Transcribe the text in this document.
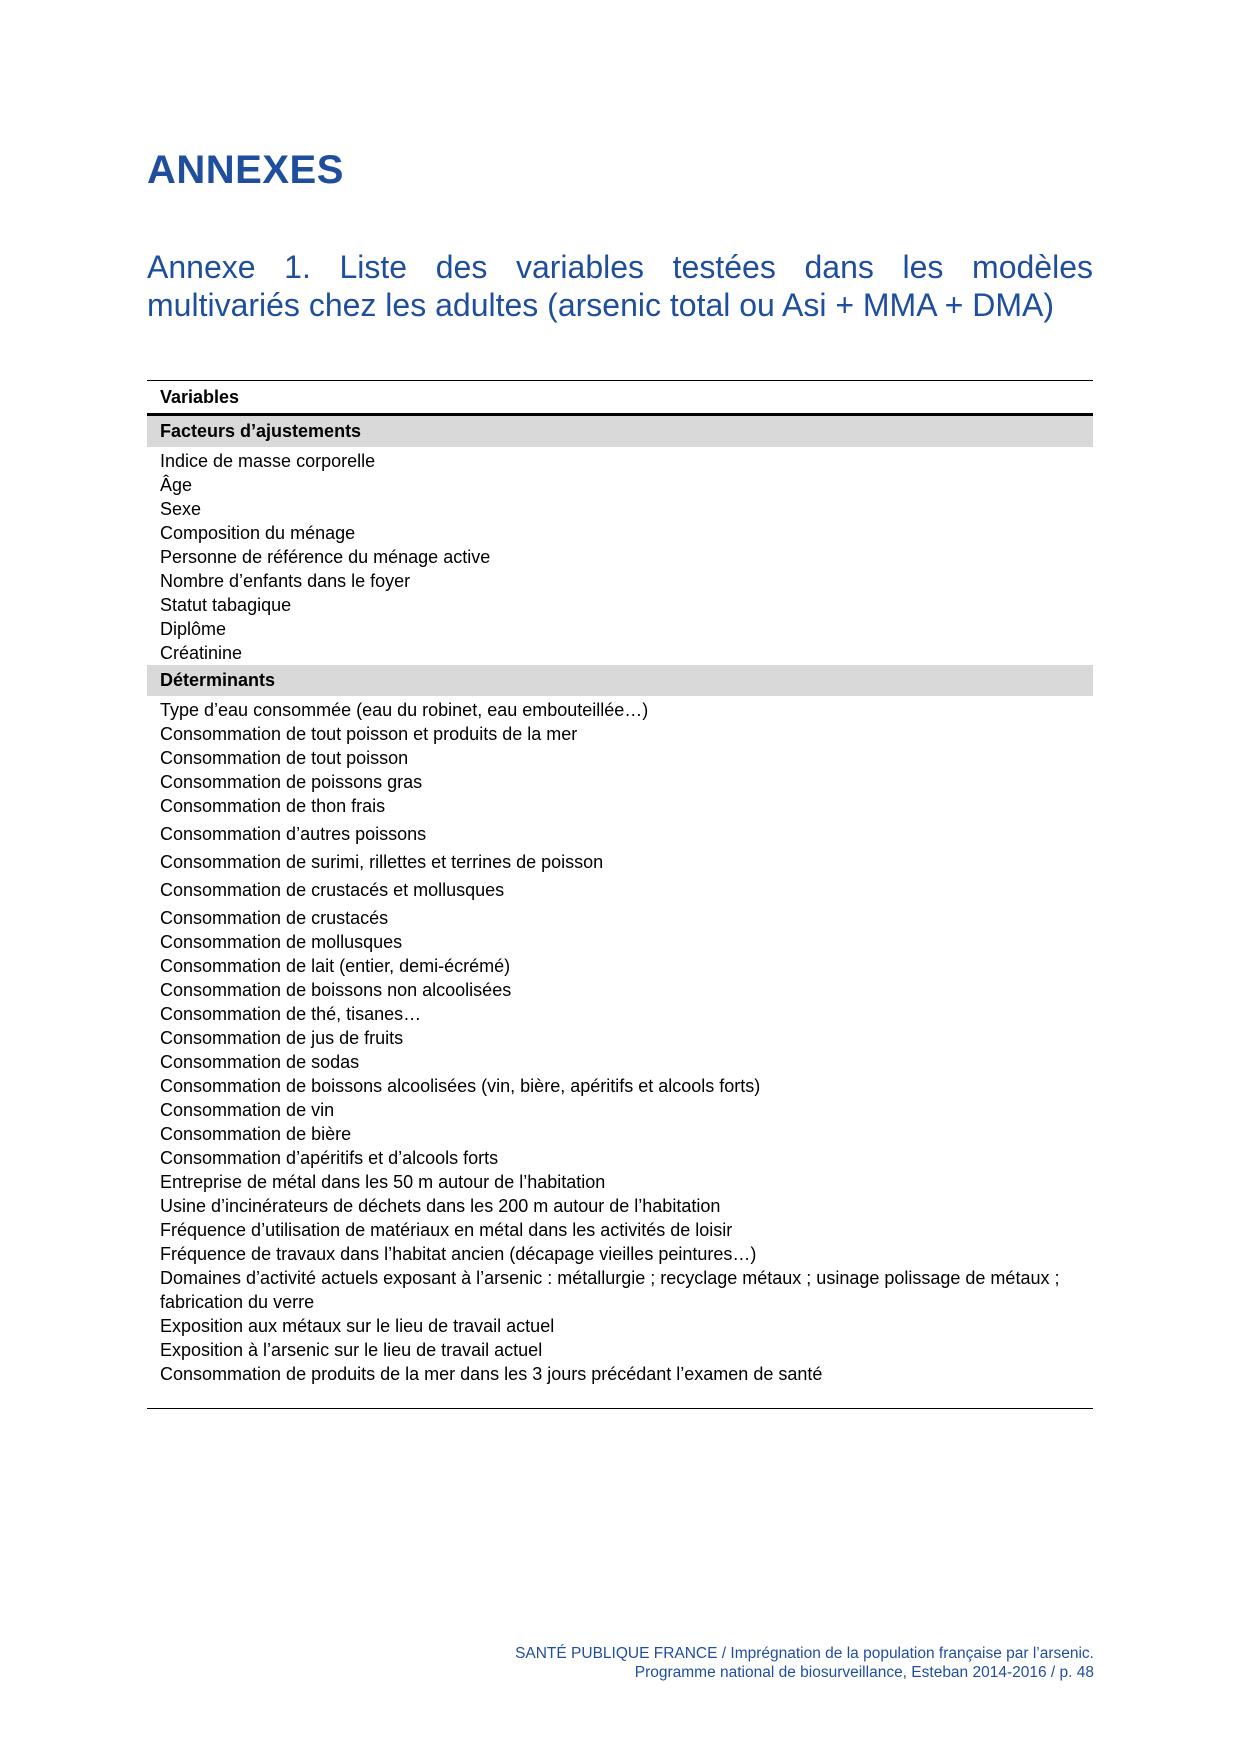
ANNEXES
Annexe 1. Liste des variables testées dans les modèles multivariés chez les adultes (arsenic total ou Asi + MMA + DMA)
Variables
Facteurs d’ajustements
Indice de masse corporelle
Âge
Sexe
Composition du ménage
Personne de référence du ménage active
Nombre d’enfants dans le foyer
Statut tabagique
Diplôme
Créatinine
Déterminants
Type d’eau consommée (eau du robinet, eau embouteillée…)
Consommation de tout poisson et produits de la mer
Consommation de tout poisson
Consommation de poissons gras
Consommation de thon frais
Consommation d’autres poissons
Consommation de surimi, rillettes et terrines de poisson
Consommation de crustacés et mollusques
Consommation de crustacés
Consommation de mollusques
Consommation de lait (entier, demi-écrémé)
Consommation de boissons non alcoolisées
Consommation de thé, tisanes…
Consommation de jus de fruits
Consommation de sodas
Consommation de boissons alcoolisées (vin, bière, apéritifs et alcools forts)
Consommation de vin
Consommation de bière
Consommation d’apéritifs et d’alcools forts
Entreprise de métal dans les 50 m autour de l’habitation
Usine d’incinérateurs de déchets dans les 200 m autour de l’habitation
Fréquence d’utilisation de matériaux en métal dans les activités de loisir
Fréquence de travaux dans l’habitat ancien (décapage vieilles peintures…)
Domaines d’activité actuels exposant à l’arsenic : métallurgie ; recyclage métaux ; usinage polissage de métaux ; fabrication du verre
Exposition aux métaux sur le lieu de travail actuel
Exposition à l’arsenic sur le lieu de travail actuel
Consommation de produits de la mer dans les 3 jours précédant l’examen de santé
SANTÉ PUBLIQUE FRANCE / Imprégnation de la population française par l’arsenic.
Programme national de biosurveillance, Esteban 2014-2016 / p. 48
